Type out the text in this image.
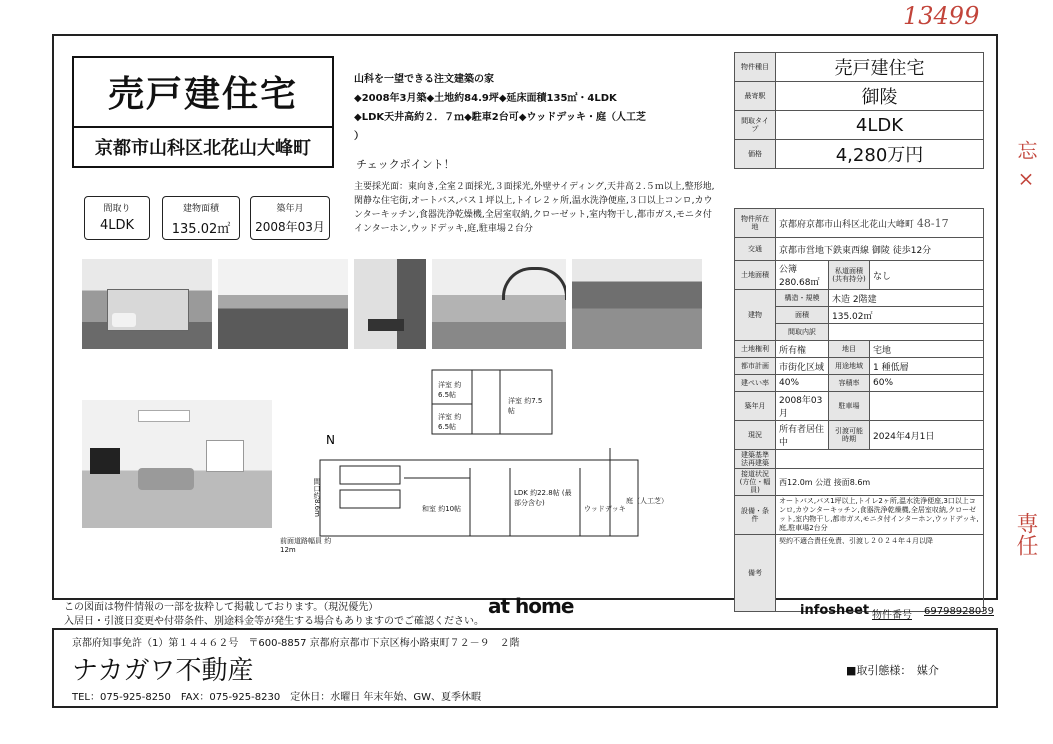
13499
忘 ×
専任
売戸建住宅
京都市山科区北花山大峰町
間取り
4LDK
建物面積
135.02㎡
築年月
2008年03月
山科を一望できる注文建築の家
◆2008年3月築◆土地約84.9坪◆延床面積135㎡・4LDK
◆LDK天井高約２．７ｍ◆駐車2台可◆ウッドデッキ・庭（人工芝
）
チェックポイント！
主要採光面：東向き,全室２面採光,３面採光,外壁サイディング,天井高２.５ｍ以上,整形地,閑静な住宅街,オートバス,バス１坪以上,トイレ２ヶ所,温水洗浄便座,３口以上コンロ,カウンターキッチン,食器洗浄乾燥機,全居室収納,クローゼット,室内物干し,都市ガス,モニタ付インターホン,ウッドデッキ,庭,駐車場２台分
N
洋室 約6.5帖
洋室 約6.5帖
洋室 約7.5帖
和室 約10帖
LDK 約22.8帖 (最部分含む)
ウッドデッキ
庭（人工芝）
前面道路幅員 約12m
間口約8.6m
物件種目	売戸建住宅
最寄駅	御陵
間取タイプ	4LDK
価格	4,280万円
物件所在地	京都府京都市山科区北花山大峰町 48-17		
交通	京都市営地下鉄東西線 御陵 徒歩12分		
土地面積	公簿 280.68㎡	私道面積(共有持分)	なし
建物	構造・規模	木造 2階建	
	面積	135.02㎡	
	間取内訳		
土地権利	所有権	地目	宅地
都市計画	市街化区域	用途地域	1 種低層
建ぺい率	40%	容積率	60%
築年月	2008年03月	駐車場	
現況	所有者居住中	引渡可能時期	2024年4月1日
建築基準法再建築			
接道状況(方位・幅員)	西12.0m 公道 接面8.6m		
設備・条件	オートバス,バス1坪以上,トイレ2ヶ所,温水洗浄便座,3口以上コンロ,カウンターキッチン,食器洗浄乾燥機,全居室収納,クローゼット,室内物干し,都市ガス,モニタ付インターホン,ウッドデッキ,庭,駐車場2台分		
備考	契約不適合責任免責、引渡し２０２４年４月以降		
この図面は物件情報の一部を抜粋して掲載しております。（現況優先）
入居日・引渡日変更や付帯条件、別途料金等が発生する場合もありますのでご確認ください。
at home	infosheet 物件番号 69798928039
京都府知事免許（1）第１４４６２号　〒600-8857 京都府京都市下京区梅小路東町７２－９　２階
ナカガワ不動産
TEL：075-925-8250　FAX：075-925-8230　定休日：水曜日 年末年始、GW、夏季休暇
■取引態様：　媒介
